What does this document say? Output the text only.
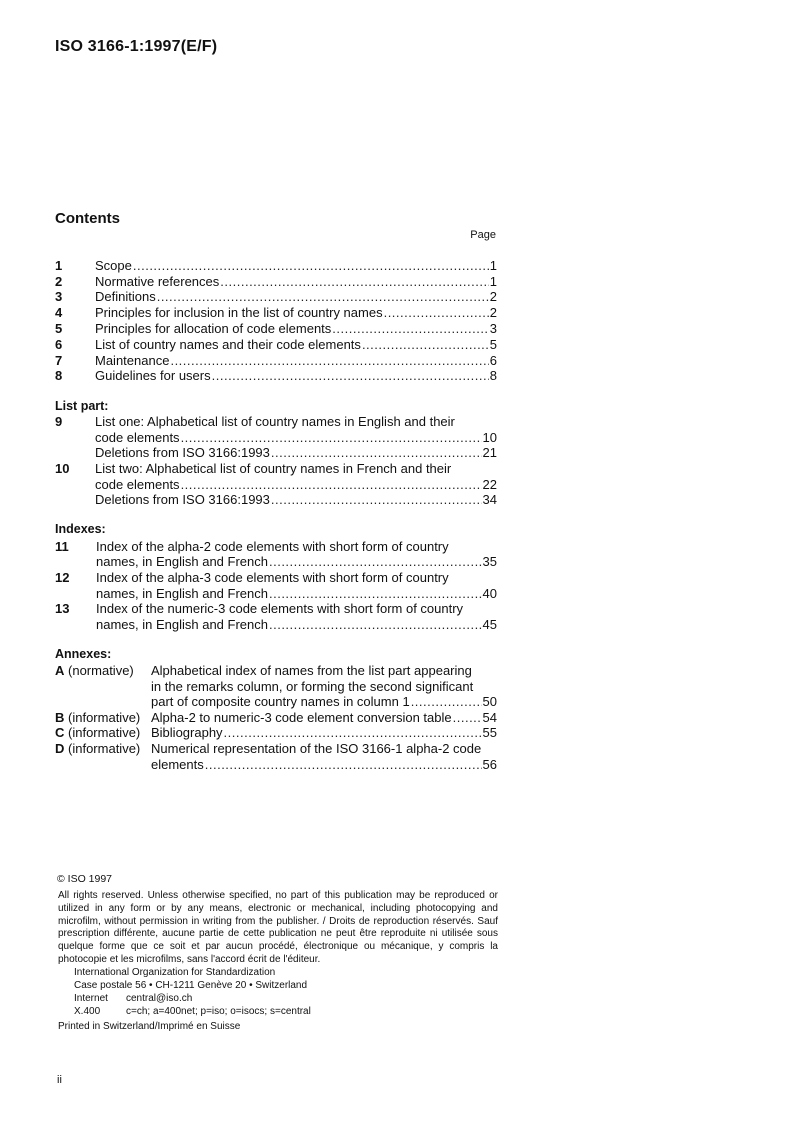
ISO 3166-1:1997(E/F)
Contents
Page
1	Scope .....	1
2	Normative references .....	1
3	Definitions .....	2
4	Principles for inclusion in the list of country names .....	2
5	Principles for allocation of code elements .....	3
6	List of country names and their code elements .....	5
7	Maintenance .....	6
8	Guidelines for users .....	8
List part:
9	List one: Alphabetical list of country names in English and their
code elements .....	10
Deletions from ISO 3166:1993 .....	21
10 List two: Alphabetical list of country names in French and their
code elements .....	22
Deletions from ISO 3166:1993 .....	34
Indexes:
11 Index of the alpha-2 code elements with short form of country
names, in English and French .....	35
12 Index of the alpha-3 code elements with short form of country
names, in English and French .....	40
13 Index of the numeric-3 code elements with short form of country
names, in English and French .....	45
Annexes:
A (normative) Alphabetical index of names from the list part appearing
in the remarks column, or forming the second significant
part of composite country names in column 1 .....	50
B (informative) Alpha-2 to numeric-3 code element conversion table ..... 54
C (informative) Bibliography .....	55
D (informative) Numerical representation of the ISO 3166-1 alpha-2 code
elements .....	56
© ISO 1997
All rights reserved. Unless otherwise specified, no part of this publication may be reproduced or utilized in any form or by any means, electronic or mechanical, including photocopying and microfilm, without permission in writing from the publisher. / Droits de reproduction réservés. Sauf prescription différente, aucune partie de cette publication ne peut être reproduite ni utilisée sous quelque forme que ce soit et par aucun procédé, électronique ou mécanique, y compris la photocopie et les microfilms, sans l'accord écrit de l'éditeur.
International Organization for Standardization
Case postale 56 • CH-1211 Genève 20 • Switzerland
Internet central@iso.ch
X.400	c=ch; a=400net; p=iso; o=isocs; s=central
Printed in Switzerland/Imprimé en Suisse
ii
